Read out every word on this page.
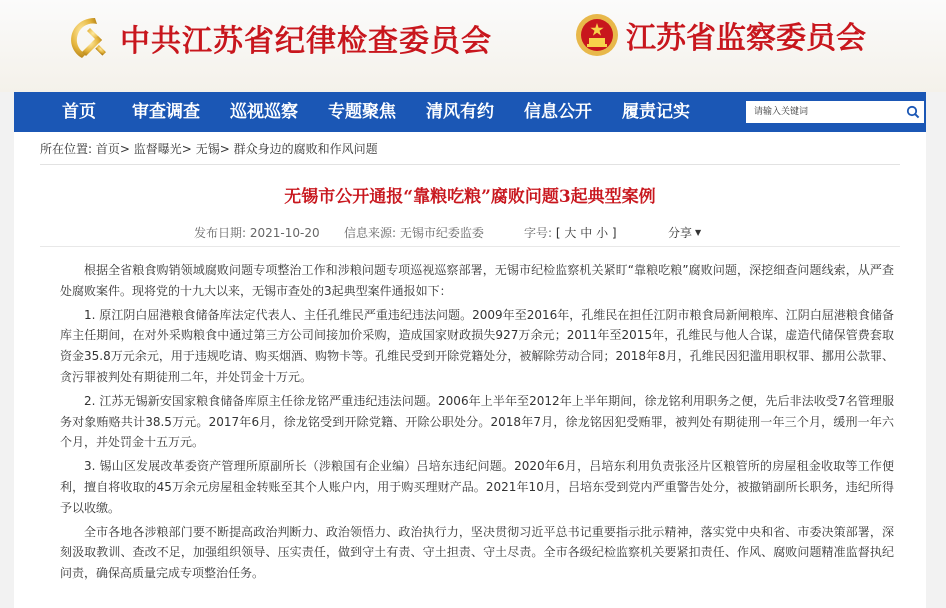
中共江苏省纪律检查委员会	江苏省监察委员会
首页 审查调查 巡视巡察 专题聚焦 清风有约 信息公开 履责记实
请输入关键词
所在位置: 首页> 监督曝光> 无锡> 群众身边的腐败和作风问题
无锡市公开通报“靠粮吃粮”腐败问题3起典型案例
发布日期: 2021-10-20 信息来源: 无锡市纪委监委	字号: [ 大 中 小 ]	分享 ▼

根据全省粮食购销领域腐败问题专项整治工作和涉粮问题专项巡视巡察部署，无锡市纪检监察机关紧盯“靠粮吃粮”腐败问题，深挖细查问题线索，从严查处腐败案件。现将党的十九大以来，无锡市查处的3起典型案件通报如下：

1. 原江阴白屈港粮食储备库法定代表人、主任孔维民严重违纪违法问题。2009年至2016年，孔维民在担任江阴市粮食局新闸粮库、江阴白屈港粮食储备库主任期间，在对外采购粮食中通过第三方公司间接加价采购，造成国家财政损失927万余元；2011年至2015年，孔维民与他人合谋，虚造代储保管费套取资金35.8万元余元，用于违规吃请、购买烟酒、购物卡等。孔维民受到开除党籍处分，被解除劳动合同；2018年8月，孔维民因犯滥用职权罪、挪用公款罪、贪污罪被判处有期徒刑二年，并处罚金十万元。

2. 江苏无锡新安国家粮食储备库原主任徐龙铭严重违纪违法问题。2006年上半年至2012年上半年期间，徐龙铭利用职务之便，先后非法收受7名管理服务对象贿赂共计38.5万元。2017年6月，徐龙铭受到开除党籍、开除公职处分。2018年7月，徐龙铭因犯受贿罪，被判处有期徒刑一年三个月，缓刑一年六个月，并处罚金十五万元。

3. 锡山区发展改革委资产管理所原副所长（涉粮国有企业编）吕培东违纪问题。2020年6月，吕培东利用负责张泾片区粮管所的房屋租金收取等工作便利，擅自将收取的45万余元房屋租金转账至其个人账户内，用于购买理财产品。2021年10月，吕培东受到党内严重警告处分，被撤销副所长职务，违纪所得予以收缴。

全市各地各涉粮部门要不断提高政治判断力、政治领悟力、政治执行力，坚决贯彻习近平总书记重要指示批示精神，落实党中央和省、市委决策部署，深刻汲取教训、查改不足，加强组织领导、压实责任，做到守土有责、守土担责、守土尽责。全市各级纪检监察机关要紧扣责任、作风、腐败问题精准监督执纪问责，确保高质量完成专项整治任务。
